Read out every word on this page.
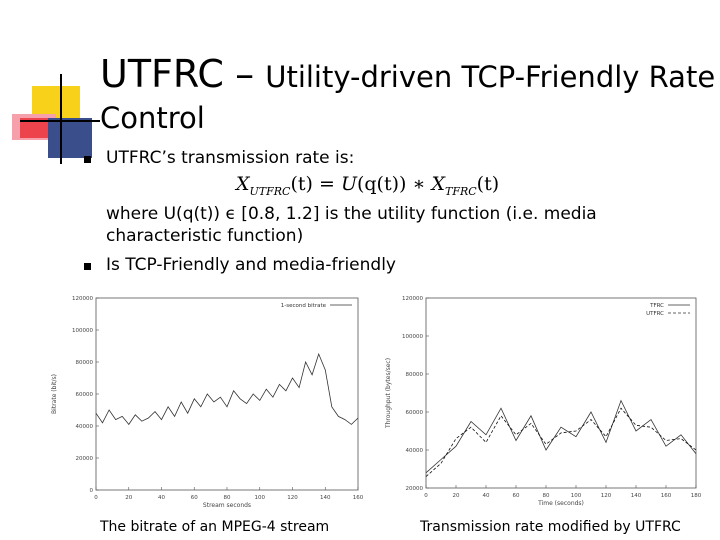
UTFRC – Utility-driven TCP-Friendly Rate
Control
UTFRC’s transmission rate is:
$X_{UTFRC}(t) = U(q(t))$ ∗ $X_{TFRC}(t)$
where U(q(t)) ϵ [0.8, 1.2] is the utility function (i.e. media
characteristic function)
Is TCP-Friendly and media-friendly
0	20	40	60	80	100	120	140	160
0
20000
40000
60000
80000
100000
120000
Stream seconds
Bitrate (bit/s)
1-second bitrate
0	20	40	60	80	100	120	140	160	180
20000
40000
60000
80000
100000
120000
Time (seconds)
Throughput (bytes/sec)
TFRC
UTFRC
The bitrate of an MPEG-4 stream	Transmission rate modified by UTFRC
